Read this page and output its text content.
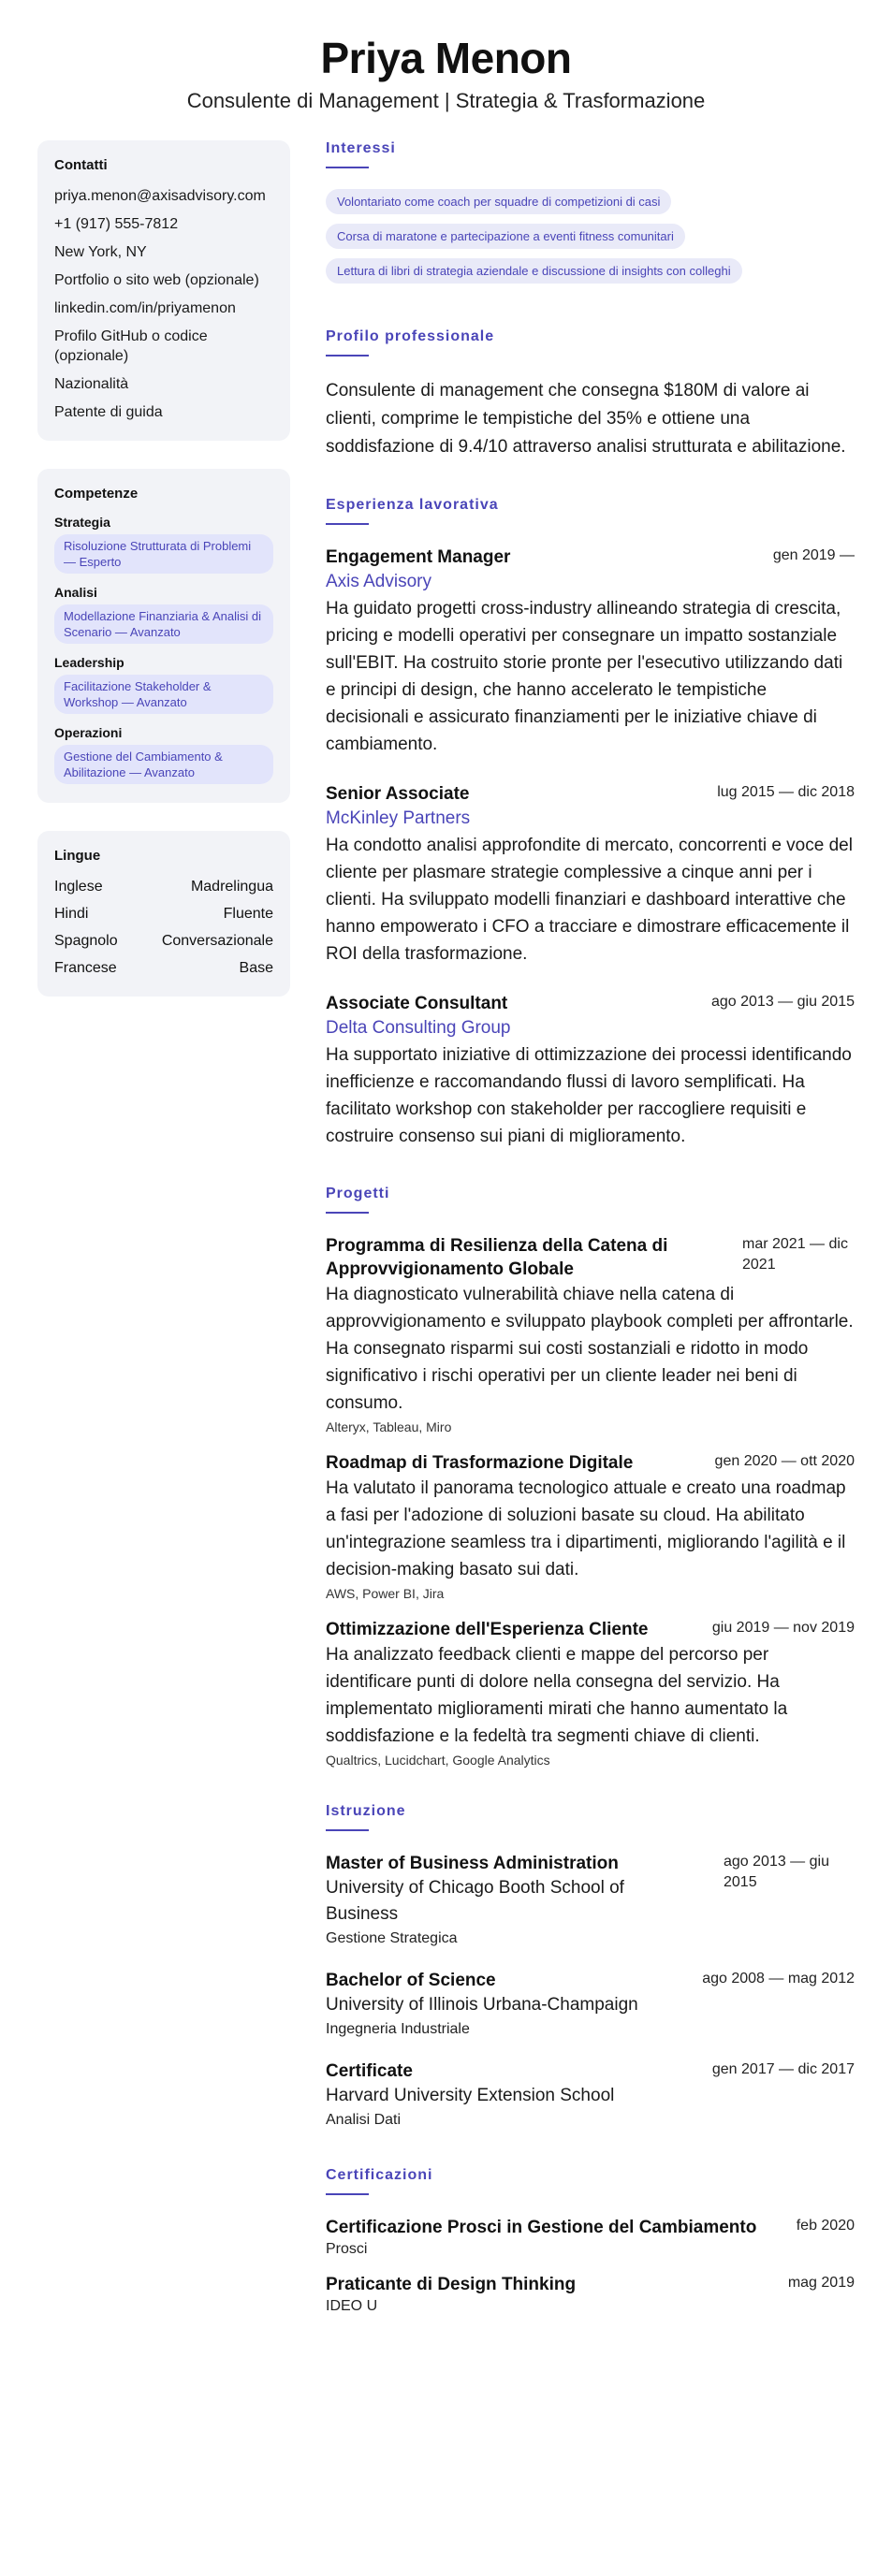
Priya Menon
Consulente di Management | Strategia & Trasformazione
Contatti
priya.menon@axisadvisory.com
+1 (917) 555-7812
New York, NY
Portfolio o sito web (opzionale)
linkedin.com/in/priyamenon
Profilo GitHub o codice (opzionale)
Nazionalità
Patente di guida
Competenze
Strategia
Risoluzione Strutturata di Problemi — Esperto
Analisi
Modellazione Finanziaria & Analisi di Scenario — Avanzato
Leadership
Facilitazione Stakeholder & Workshop — Avanzato
Operazioni
Gestione del Cambiamento & Abilitazione — Avanzato
Lingue
Inglese	Madrelingua
Hindi	Fluente
Spagnolo	Conversazionale
Francese	Base
Interessi
Volontariato come coach per squadre di competizioni di casi
Corsa di maratone e partecipazione a eventi fitness comunitari
Lettura di libri di strategia aziendale e discussione di insights con colleghi
Profilo professionale
Consulente di management che consegna $180M di valore ai clienti, comprime le tempistiche del 35% e ottiene una soddisfazione di 9.4/10 attraverso analisi strutturata e abilitazione.
Esperienza lavorativa
Engagement Manager	gen 2019 —
Axis Advisory
Ha guidato progetti cross-industry allineando strategia di crescita, pricing e modelli operativi per consegnare un impatto sostanziale sull'EBIT. Ha costruito storie pronte per l'esecutivo utilizzando dati e principi di design, che hanno accelerato le tempistiche decisionali e assicurato finanziamenti per le iniziative chiave di cambiamento.
Senior Associate	lug 2015 — dic 2018
McKinley Partners
Ha condotto analisi approfondite di mercato, concorrenti e voce del cliente per plasmare strategie complessive a cinque anni per i clienti. Ha sviluppato modelli finanziari e dashboard interattive che hanno empowerato i CFO a tracciare e dimostrare efficacemente il ROI della trasformazione.
Associate Consultant	ago 2013 — giu 2015
Delta Consulting Group
Ha supportato iniziative di ottimizzazione dei processi identificando inefficienze e raccomandando flussi di lavoro semplificati. Ha facilitato workshop con stakeholder per raccogliere requisiti e costruire consenso sui piani di miglioramento.
Progetti
Programma di Resilienza della Catena di Approvvigionamento Globale
mar 2021 — dic 2021
Ha diagnosticato vulnerabilità chiave nella catena di approvvigionamento e sviluppato playbook completi per affrontarle. Ha consegnato risparmi sui costi sostanziali e ridotto in modo significativo i rischi operativi per un cliente leader nei beni di consumo.
Alteryx, Tableau, Miro
Roadmap di Trasformazione Digitale	gen 2020 — ott 2020
Ha valutato il panorama tecnologico attuale e creato una roadmap a fasi per l'adozione di soluzioni basate su cloud. Ha abilitato un'integrazione seamless tra i dipartimenti, migliorando l'agilità e il decision-making basato sui dati.
AWS, Power BI, Jira
Ottimizzazione dell'Esperienza Cliente	giu 2019 — nov 2019
Ha analizzato feedback clienti e mappe del percorso per identificare punti di dolore nella consegna del servizio. Ha implementato miglioramenti mirati che hanno aumentato la soddisfazione e la fedeltà tra segmenti chiave di clienti.
Qualtrics, Lucidchart, Google Analytics
Istruzione
Master of Business Administration
University of Chicago Booth School of Business
ago 2013 — giu 2015
Gestione Strategica
Bachelor of Science	ago 2008 — mag 2012
University of Illinois Urbana-Champaign
Ingegneria Industriale
Certificate	gen 2017 — dic 2017
Harvard University Extension School
Analisi Dati
Certificazioni
Certificazione Prosci in Gestione del Cambiamento	feb 2020
Prosci
Praticante di Design Thinking	mag 2019
IDEO U
